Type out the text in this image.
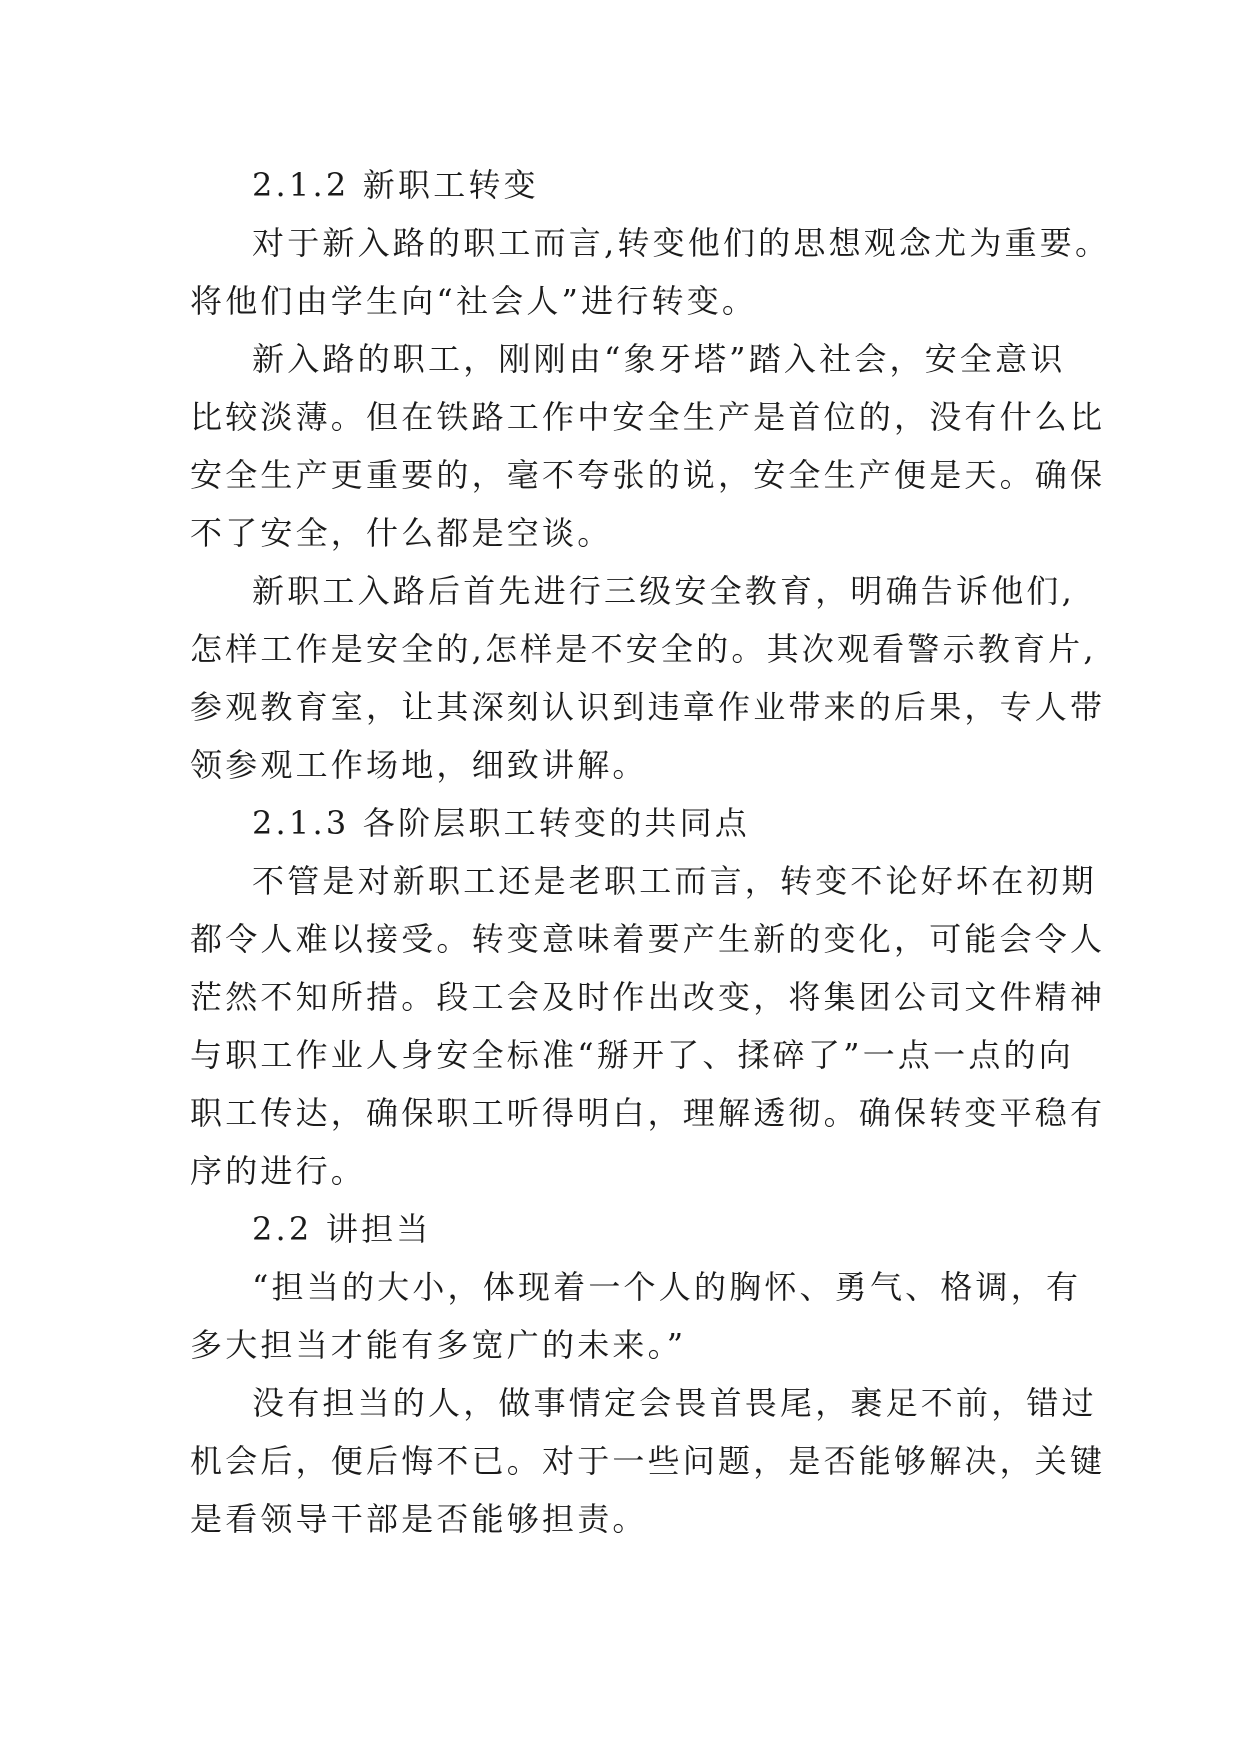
2.1.2 新职工转变
对于新入路的职工而言,转变他们的思想观念尤为重要。
将他们由学生向“社会人”进行转变。
新入路的职工，刚刚由“象牙塔”踏入社会，安全意识
比较淡薄。但在铁路工作中安全生产是首位的，没有什么比
安全生产更重要的，毫不夸张的说，安全生产便是天。确保
不了安全，什么都是空谈。
新职工入路后首先进行三级安全教育，明确告诉他们,
怎样工作是安全的,怎样是不安全的。其次观看警示教育片,
参观教育室，让其深刻认识到违章作业带来的后果，专人带
领参观工作场地，细致讲解。
2.1.3 各阶层职工转变的共同点
不管是对新职工还是老职工而言，转变不论好坏在初期
都令人难以接受。转变意味着要产生新的变化，可能会令人
茫然不知所措。段工会及时作出改变，将集团公司文件精神
与职工作业人身安全标准“掰开了、揉碎了”一点一点的向
职工传达，确保职工听得明白，理解透彻。确保转变平稳有
序的进行。
2.2 讲担当
“担当的大小，体现着一个人的胸怀、勇气、格调，有
多大担当才能有多宽广的未来。”
没有担当的人，做事情定会畏首畏尾，裹足不前，错过
机会后，便后悔不已。对于一些问题，是否能够解决，关键
是看领导干部是否能够担责。
